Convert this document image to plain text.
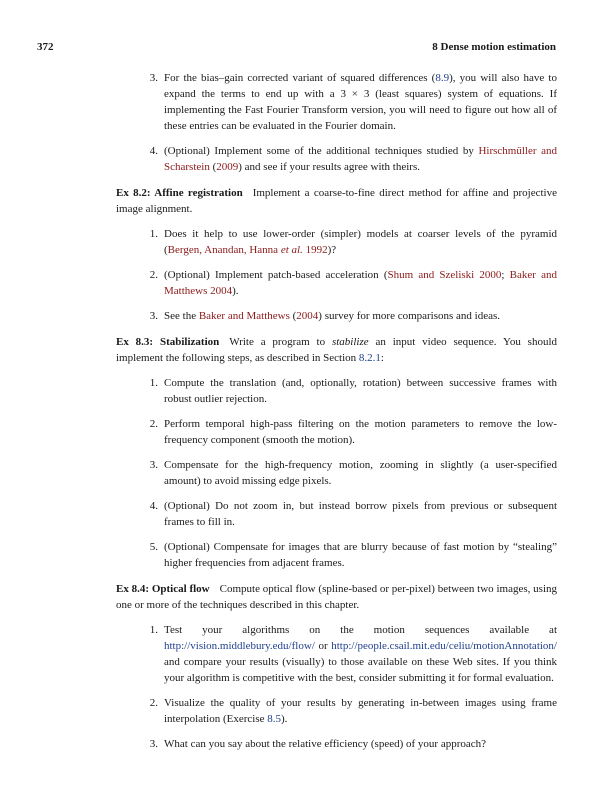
372	8 Dense motion estimation
3. For the bias–gain corrected variant of squared differences (8.9), you will also have to expand the terms to end up with a 3 × 3 (least squares) system of equations. If implementing the Fast Fourier Transform version, you will need to figure out how all of these entries can be evaluated in the Fourier domain.
4. (Optional) Implement some of the additional techniques studied by Hirschmüller and Scharstein (2009) and see if your results agree with theirs.
Ex 8.2: Affine registration Implement a coarse-to-fine direct method for affine and projective image alignment.
1. Does it help to use lower-order (simpler) models at coarser levels of the pyramid (Bergen, Anandan, Hanna et al. 1992)?
2. (Optional) Implement patch-based acceleration (Shum and Szeliski 2000; Baker and Matthews 2004).
3. See the Baker and Matthews (2004) survey for more comparisons and ideas.
Ex 8.3: Stabilization Write a program to stabilize an input video sequence. You should implement the following steps, as described in Section 8.2.1:
1. Compute the translation (and, optionally, rotation) between successive frames with robust outlier rejection.
2. Perform temporal high-pass filtering on the motion parameters to remove the low-frequency component (smooth the motion).
3. Compensate for the high-frequency motion, zooming in slightly (a user-specified amount) to avoid missing edge pixels.
4. (Optional) Do not zoom in, but instead borrow pixels from previous or subsequent frames to fill in.
5. (Optional) Compensate for images that are blurry because of fast motion by “stealing” higher frequencies from adjacent frames.
Ex 8.4: Optical flow Compute optical flow (spline-based or per-pixel) between two images, using one or more of the techniques described in this chapter.
1. Test your algorithms on the motion sequences available at http://vision.middlebury.edu/flow/ or http://people.csail.mit.edu/celiu/motionAnnotation/ and compare your results (visually) to those available on these Web sites. If you think your algorithm is competitive with the best, consider submitting it for formal evaluation.
2. Visualize the quality of your results by generating in-between images using frame interpolation (Exercise 8.5).
3. What can you say about the relative efficiency (speed) of your approach?
